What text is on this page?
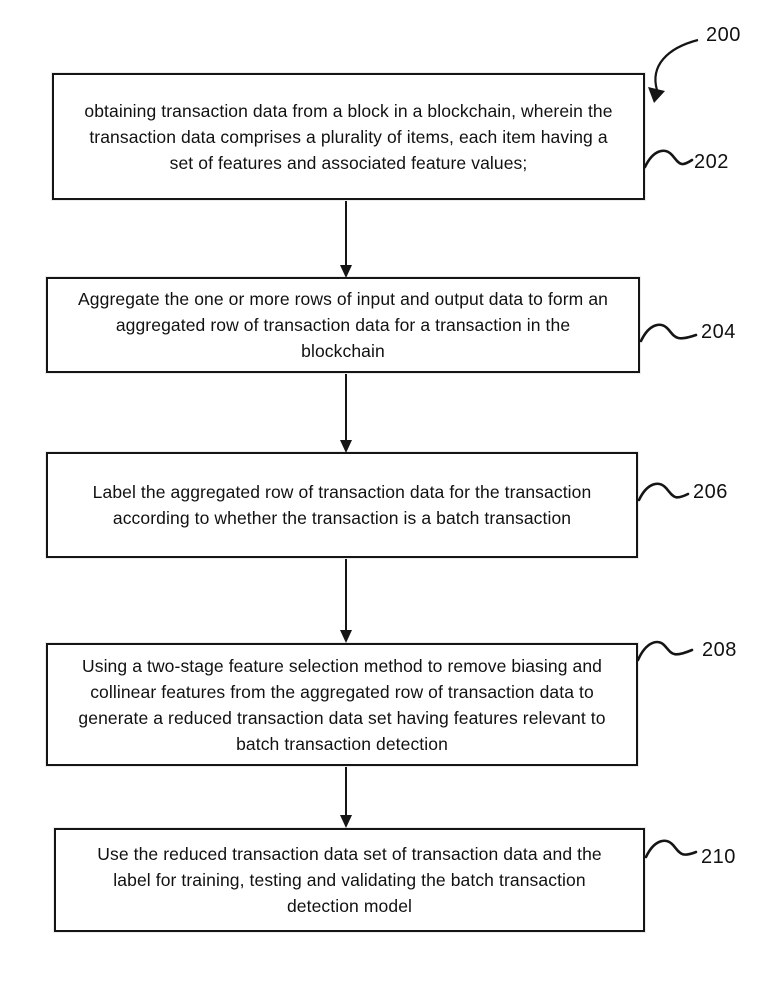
obtaining transaction data from a block in a blockchain, wherein the transaction data comprises a plurality of items, each item having a set of features and associated feature values;
Aggregate the one or more rows of input and output data to form an aggregated row of transaction data for a transaction in the blockchain
Label the aggregated row of transaction data for the transaction according to whether the transaction is a batch transaction
Using a two-stage feature selection method to remove biasing and collinear features from the aggregated row of transaction data to generate a reduced transaction data set having features relevant to batch transaction detection
Use the reduced transaction data set of transaction data and the label for training, testing and validating the batch transaction detection model
200
202
204
206
208
210
